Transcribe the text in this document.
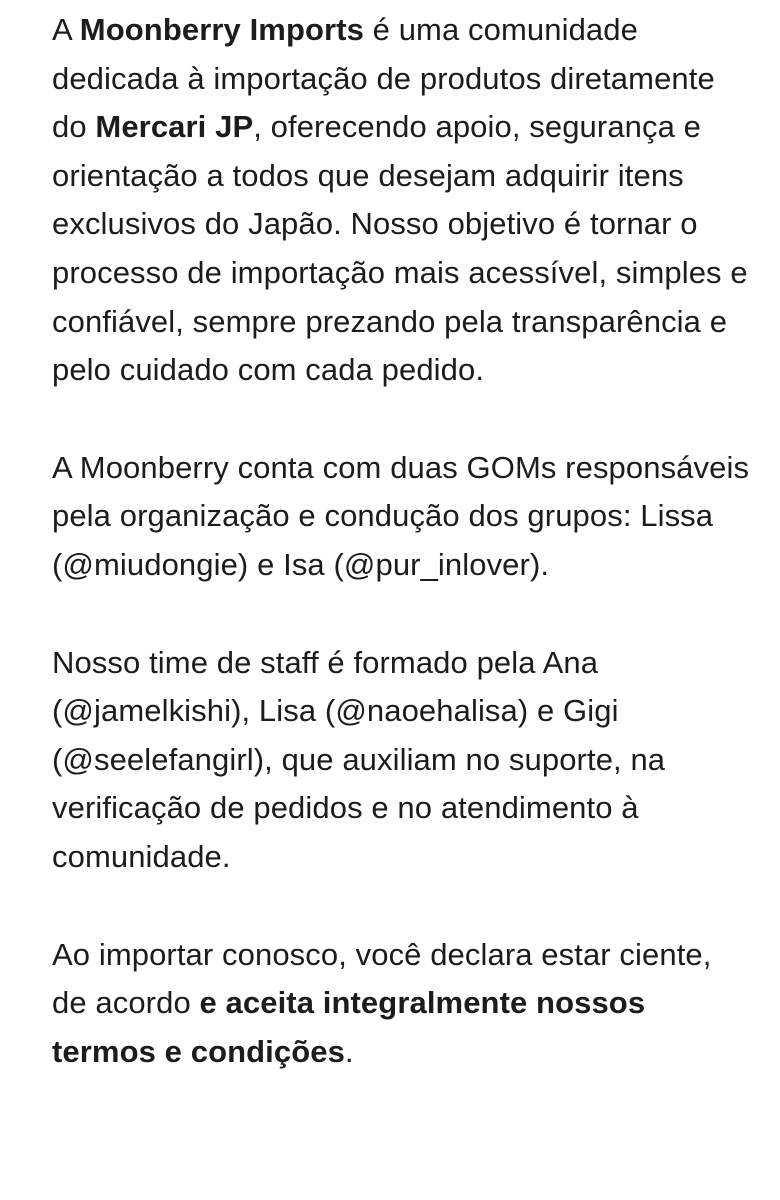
A Moonberry Imports é uma comunidade dedicada à importação de produtos diretamente do Mercari JP, oferecendo apoio, segurança e orientação a todos que desejam adquirir itens exclusivos do Japão. Nosso objetivo é tornar o processo de importação mais acessível, simples e confiável, sempre prezando pela transparência e pelo cuidado com cada pedido.

A Moonberry conta com duas GOMs responsáveis pela organização e condução dos grupos: Lissa (@miudongie) e Isa (@pur_inlover).

Nosso time de staff é formado pela Ana (@jamelkishi), Lisa (@naoehalisa) e Gigi (@seelefangirl), que auxiliam no suporte, na verificação de pedidos e no atendimento à comunidade.

Ao importar conosco, você declara estar ciente, de acordo e aceita integralmente nossos termos e condições.
